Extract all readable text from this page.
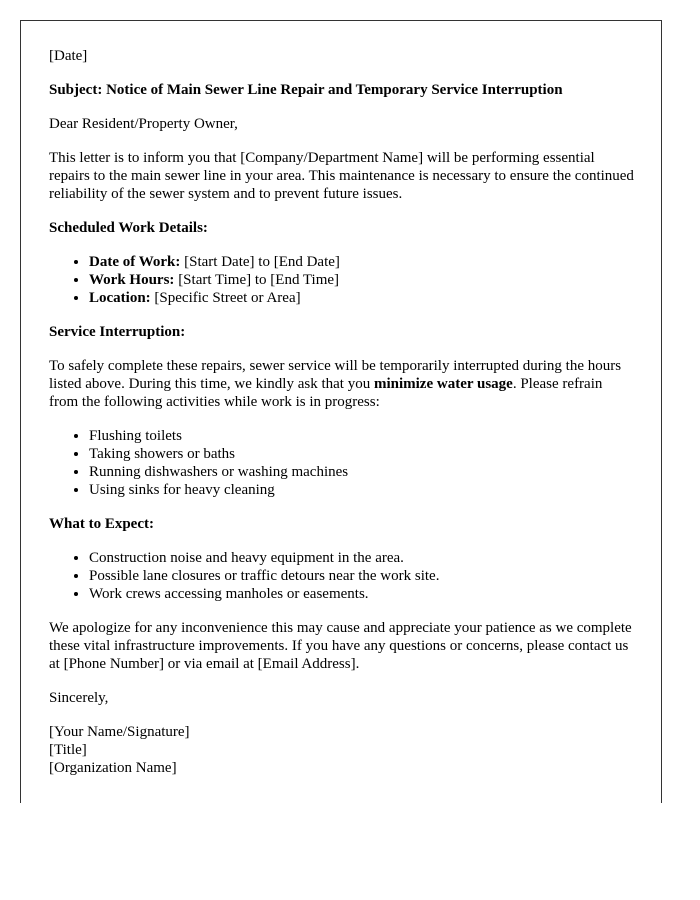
[Date]

Subject: Notice of Main Sewer Line Repair and Temporary Service Interruption

Dear Resident/Property Owner,

This letter is to inform you that [Company/Department Name] will be performing essential repairs to the main sewer line in your area. This maintenance is necessary to ensure the continued reliability of the sewer system and to prevent future issues.

Scheduled Work Details:

• Date of Work: [Start Date] to [End Date]
• Work Hours: [Start Time] to [End Time]
• Location: [Specific Street or Area]

Service Interruption:

To safely complete these repairs, sewer service will be temporarily interrupted during the hours listed above. During this time, we kindly ask that you minimize water usage. Please refrain from the following activities while work is in progress:

• Flushing toilets
• Taking showers or baths
• Running dishwashers or washing machines
• Using sinks for heavy cleaning

What to Expect:

• Construction noise and heavy equipment in the area.
• Possible lane closures or traffic detours near the work site.
• Work crews accessing manholes or easements.

We apologize for any inconvenience this may cause and appreciate your patience as we complete these vital infrastructure improvements. If you have any questions or concerns, please contact us at [Phone Number] or via email at [Email Address].

Sincerely,

[Your Name/Signature]
[Title]
[Organization Name]
